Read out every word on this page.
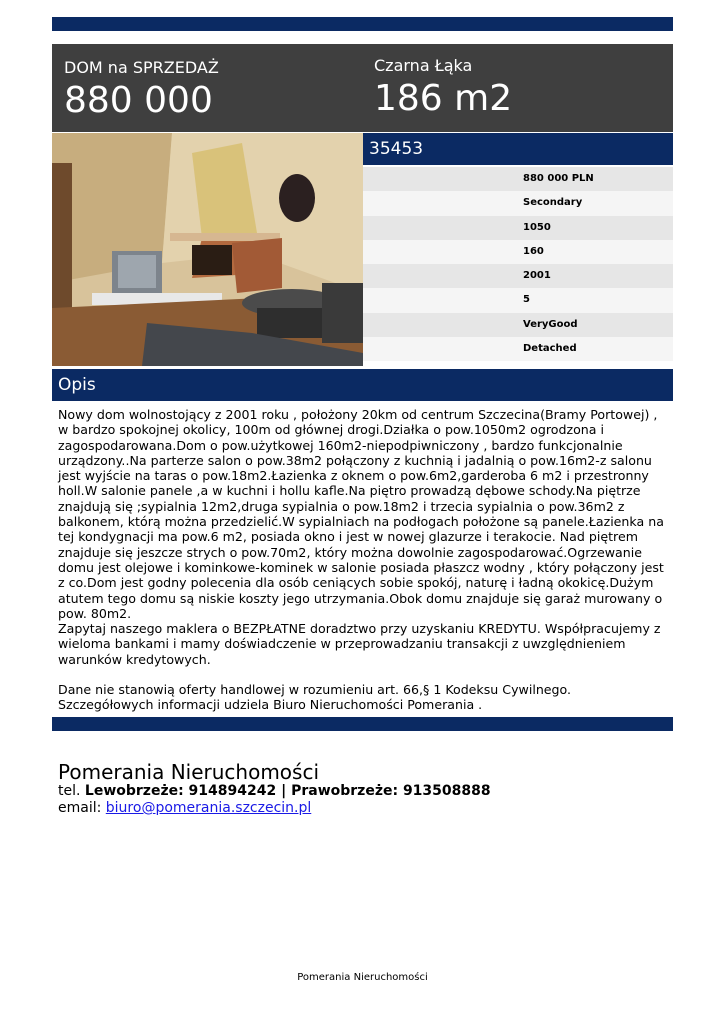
DOM na SPRZEDAŻ
880 000
Czarna Łąka
186 m2
35453
880 000 PLN
Secondary
1050
160
2001
5
VeryGood
Detached
Opis

Nowy dom wolnostojący z 2001 roku , położony 20km od centrum Szczecina(Bramy Portowej) , w bardzo spokojnej okolicy, 100m od głównej drogi.Działka o pow.1050m2 ogrodzona i zagospodarowana.Dom o pow.użytkowej 160m2-niepodpiwniczony , bardzo funkcjonalnie urządzony..Na parterze salon o pow.38m2 połączony z kuchnią i jadalnią o pow.16m2-z salonu jest wyjście na taras o pow.18m2.Łazienka z oknem o pow.6m2,garderoba 6 m2 i przestronny holl.W salonie panele ,a w kuchni i hollu kafle.Na piętro prowadzą dębowe schody.Na piętrze znajdują się ;sypialnia 12m2,druga sypialnia o pow.18m2 i trzecia sypialnia o pow.36m2 z balkonem, którą można przedzielić.W sypialniach na podłogach położone są panele.Łazienka na tej kondygnacji ma pow.6 m2, posiada okno i jest w nowej glazurze i terakocie. Nad piętrem znajduje się jeszcze strych o pow.70m2, który można dowolnie zagospodarować.Ogrzewanie domu jest olejowe i kominkowe-kominek w salonie posiada płaszcz wodny , który połączony jest z co.Dom jest godny polecenia dla osób ceniących sobie spokój, naturę i ładną okokicę.Dużym atutem tego domu są niskie koszty jego utrzymania.Obok domu znajduje się garaż murowany o pow. 80m2.

Zapytaj naszego maklera o BEZPŁATNE doradztwo przy uzyskaniu KREDYTU. Współpracujemy z wieloma bankami i mamy doświadczenie w przeprowadzaniu transakcji z uwzględnieniem warunków kredytowych.

Dane nie stanowią oferty handlowej w rozumieniu art. 66,§ 1 Kodeksu Cywilnego. Szczegółowych informacji udziela Biuro Nieruchomości Pomerania .

Pomerania Nieruchomości
tel. Lewobrzeże: 914894242 | Prawobrzeże: 913508888
email: biuro@pomerania.szczecin.pl
Pomerania Nieruchomości
